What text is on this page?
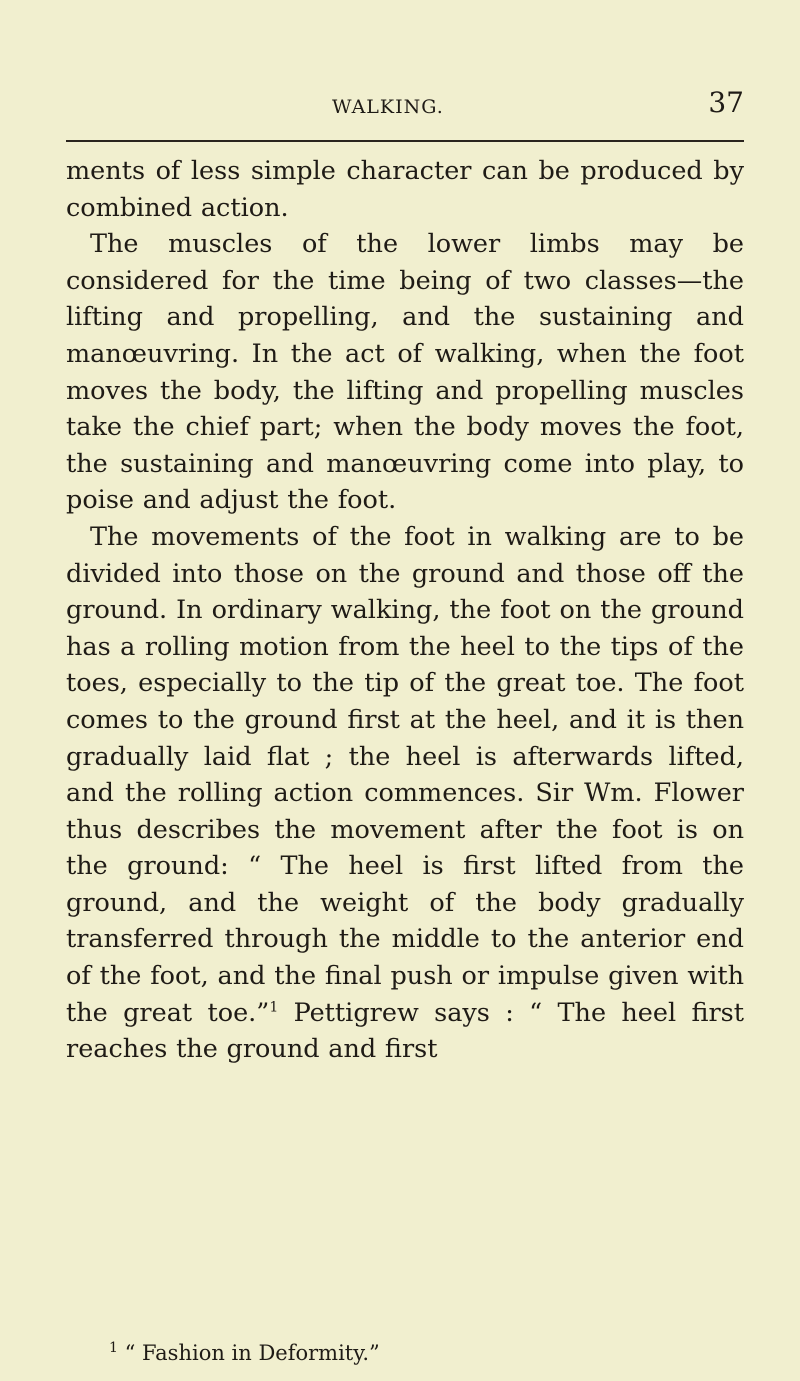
WALKING.	37

ments of less simple character can be produced by combined action.

The muscles of the lower limbs may be considered for the time being of two classes—the lifting and propelling, and the sustaining and manœuvring. In the act of walking, when the foot moves the body, the lifting and propelling muscles take the chief part; when the body moves the foot, the sustaining and manœuvring come into play, to poise and adjust the foot.

The movements of the foot in walking are to be divided into those on the ground and those off the ground. In ordinary walking, the foot on the ground has a rolling motion from the heel to the tips of the toes, especially to the tip of the great toe. The foot comes to the ground first at the heel, and it is then gradually laid flat ; the heel is afterwards lifted, and the rolling action commences. Sir Wm. Flower thus describes the movement after the foot is on the ground: “ The heel is first lifted from the ground, and the weight of the body gradually transferred through the middle to the anterior end of the foot, and the final push or impulse given with the great toe.”$^1$ Pettigrew says : “ The heel first reaches the ground and first

$^1$ “ Fashion in Deformity.”
